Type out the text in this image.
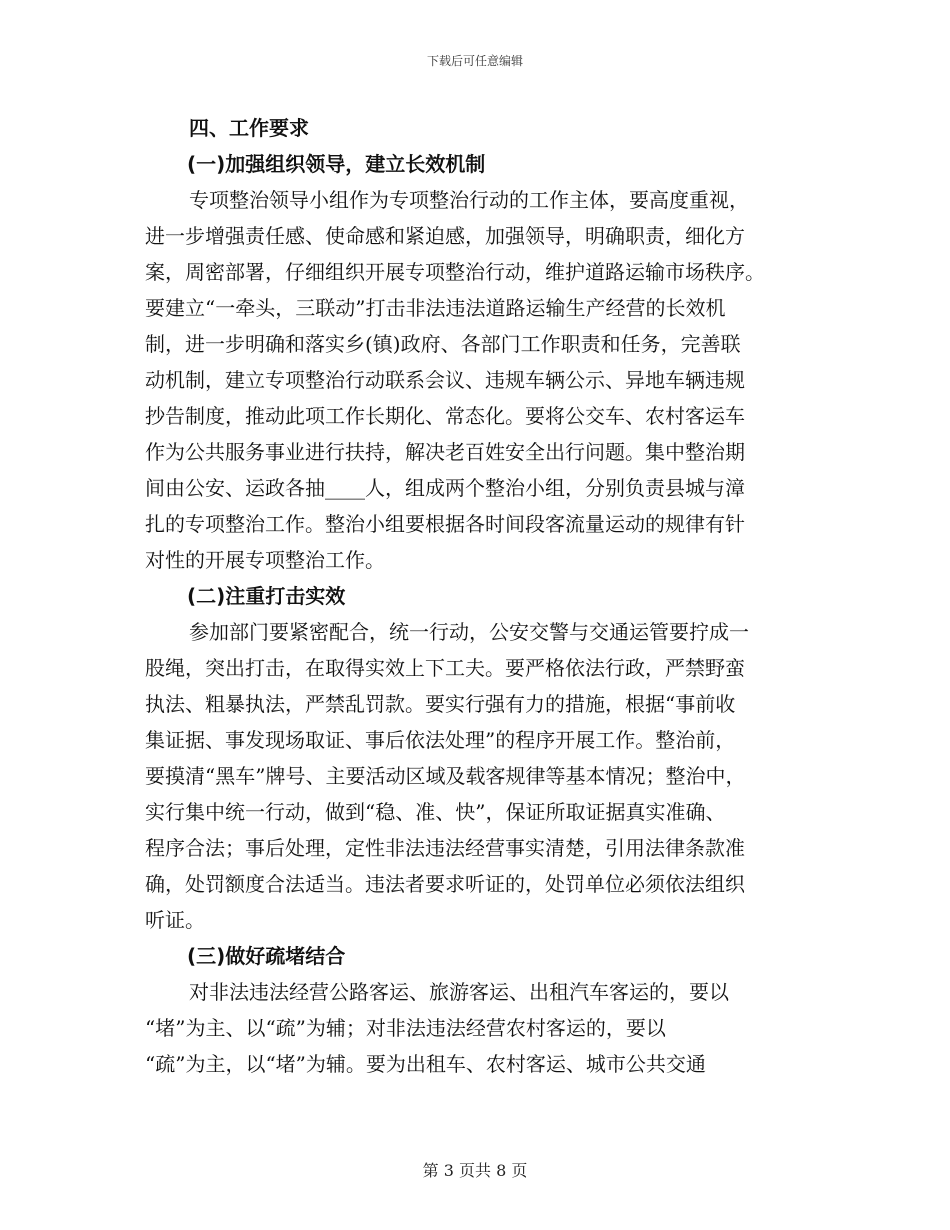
下载后可任意编辑
四、工作要求
(一)加强组织领导，建立长效机制
专项整治领导小组作为专项整治行动的工作主体，要高度重视，
进一步增强责任感、使命感和紧迫感，加强领导，明确职责，细化方
案，周密部署，仔细组织开展专项整治行动，维护道路运输市场秩序。
要建立“一牵头，三联动”打击非法违法道路运输生产经营的长效机
制，进一步明确和落实乡(镇)政府、各部门工作职责和任务，完善联
动机制，建立专项整治行动联系会议、违规车辆公示、异地车辆违规
抄告制度，推动此项工作长期化、常态化。要将公交车、农村客运车
作为公共服务事业进行扶持，解决老百姓安全出行问题。集中整治期
间由公安、运政各抽____人，组成两个整治小组，分别负责县城与漳
扎的专项整治工作。整治小组要根据各时间段客流量运动的规律有针
对性的开展专项整治工作。
(二)注重打击实效
参加部门要紧密配合，统一行动，公安交警与交通运管要拧成一
股绳，突出打击，在取得实效上下工夫。要严格依法行政，严禁野蛮
执法、粗暴执法，严禁乱罚款。要实行强有力的措施，根据“事前收
集证据、事发现场取证、事后依法处理”的程序开展工作。整治前，
要摸清“黑车”牌号、主要活动区域及载客规律等基本情况；整治中，
实行集中统一行动，做到“稳、准、快”，保证所取证据真实准确、
程序合法；事后处理，定性非法违法经营事实清楚，引用法律条款准
确，处罚额度合法适当。违法者要求听证的，处罚单位必须依法组织
听证。
(三)做好疏堵结合
对非法违法经营公路客运、旅游客运、出租汽车客运的，要以
“堵”为主、以“疏”为辅；对非法违法经营农村客运的，要以
“疏”为主，以“堵”为辅。要为出租车、农村客运、城市公共交通
第 3 页共 8 页
